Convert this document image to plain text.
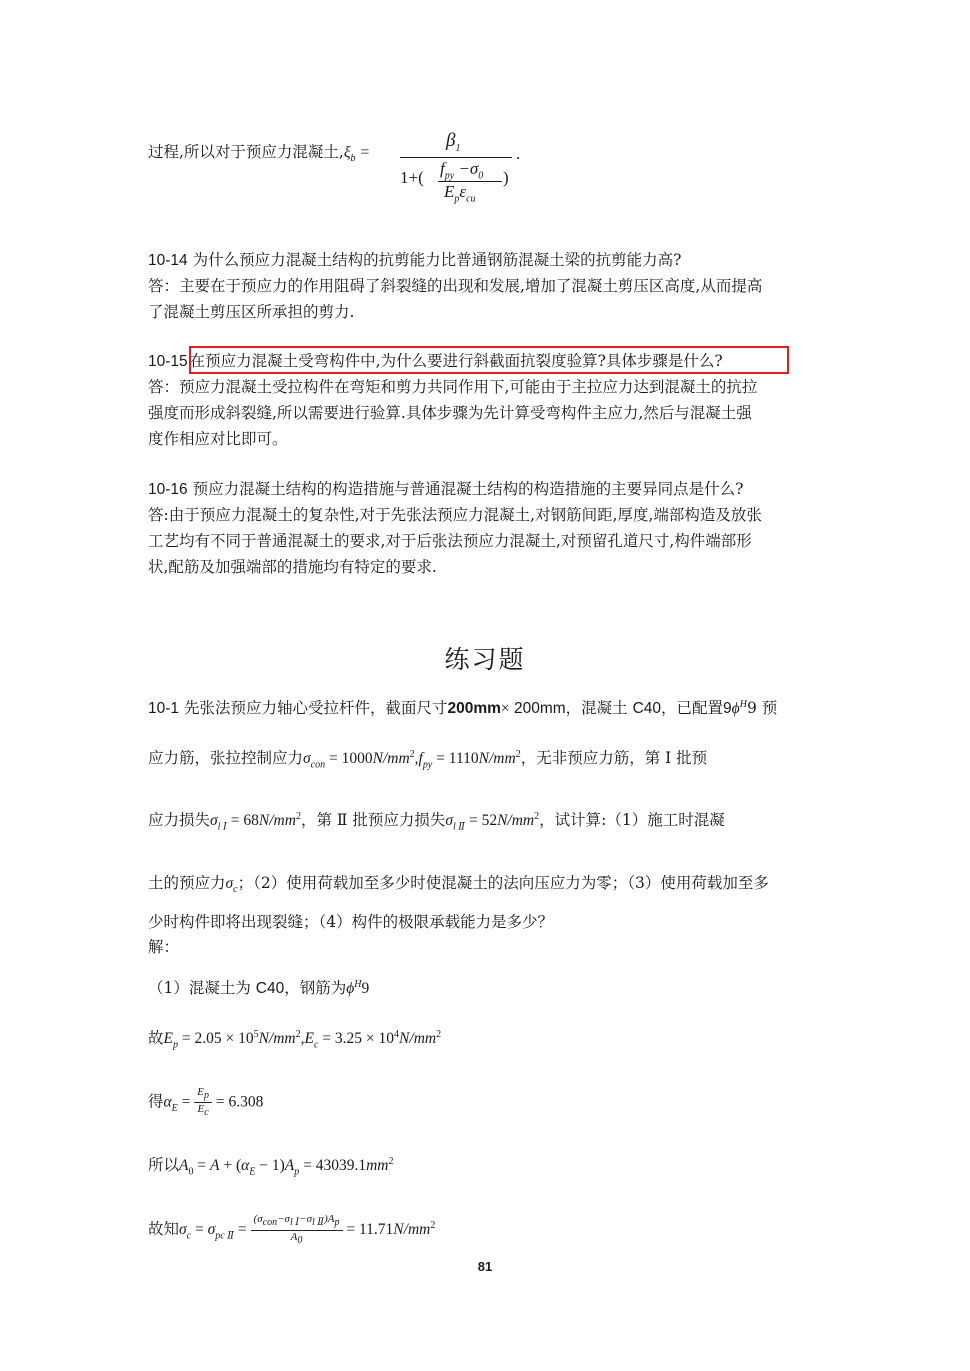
过程,所以对于预应力混凝土$,\xi_b$ =
$\beta_1$
1+( $f_{py} -\sigma_0$
$E_p\varepsilon_{cu}$
)
.
10-14 为什么预应力混凝土结构的抗剪能力比普通钢筋混凝土梁的抗剪能力高?
答：主要在于预应力的作用阻碍了斜裂缝的出现和发展,增加了混凝土剪压区高度,从而提高
了混凝土剪压区所承担的剪力.
10-15 在预应力混凝土受弯构件中,为什么要进行斜截面抗裂度验算?具体步骤是什么?
答：预应力混凝土受拉构件在弯矩和剪力共同作用下,可能由于主拉应力达到混凝土的抗拉
强度而形成斜裂缝,所以需要进行验算.具体步骤为先计算受弯构件主应力,然后与混凝土强
度作相应对比即可。
10-16 预应力混凝土结构的构造措施与普通混凝土结构的构造措施的主要异同点是什么?
答:由于预应力混凝土的复杂性,对于先张法预应力混凝土,对钢筋间距,厚度,端部构造及放张
工艺均有不同于普通混凝土的要求,对于后张法预应力混凝土,对预留孔道尺寸,构件端部形
状,配筋及加强端部的措施均有特定的要求.
练习题
10-1 先张法预应力轴心受拉杆件，截面尺寸200mm× 200mm，混凝土 C40，已配置$9\phi^H9$ 预
应力筋，张拉控制应力$\sigma_{con} = 1000N/mm^2,f_{py} = 1110N/mm^2$，无非预应力筋，第 Ⅰ 批预
应力损失$\sigma_{l Ⅰ} = 68N/mm^2$，第 Ⅱ 批预应力损失$\sigma_{l Ⅱ} = 52N/mm^2$，试计算:（1）施工时混凝
土的预应力$\sigma_c$；（2）使用荷载加至多少时使混凝土的法向压应力为零；（3）使用荷载加至多
少时构件即将出现裂缝；（4）构件的极限承载能力是多少？
解：
（1）混凝土为 C40，钢筋为$\phi^H9$
故$E_p = 2.05 \times 10^5N/mm^2,E_c = 3.25 \times 10^4N/mm^2$
得$\alpha_E = \frac{E_p}{E_c} = 6.308$
所以$A_0 = A + (\alpha_E - 1)A_p = 43039.1mm^2$
故知$\sigma_c = \sigma_{pc Ⅱ} = \frac{(\sigma_{con}-\sigma_{l Ⅰ}-\sigma_{l Ⅱ})A_p}{A_0} = 11.71N/mm^2$
81
